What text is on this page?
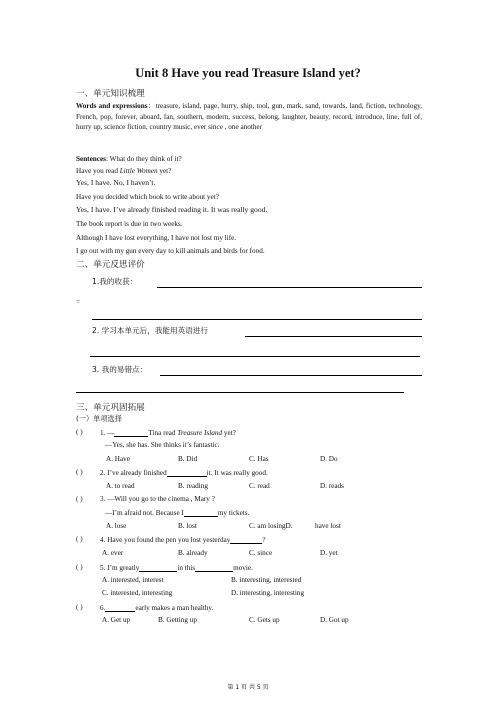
Unit 8 Have you read Treasure Island yet?
一、单元知识梳理
Words and expressions：treasure, island, page, hurry, ship, tool, gun, mark, sand, towards, land, fiction, technology, French, pop, forever, aboard, fan, southern, modern, success, belong, laughter, beauty, record, introduce, line, full of, hurry up, science fiction, country music, ever since , one another
Sentences: What do they think of it?
Have you read Little Women yet?
Yes, I have. No, I haven’t.
Have you decided which book to write about yet?
Yes, I have. I’ve already finished reading it. It was really good.
The book report is due in two weeks.
Although I have lost everything, I have not lost my life.
I go out with my gun every day to kill animals and birds for food.
二、单元反思评价
1.我的收获：
=
2. 学习本单元后，我能用英语进行
3. 我的易错点：
三、单元巩固拓展
(一）单项选择
( ) 1. —	Tina read Treasure Island yet?
—Yes, she has. She thinks it’s fantastic.
A. Have	B. Did	C. Has	D. Do
( ) 2. I’ve already finished	it. It was really good.
A. to read	B. reading	C. read	D. reads
( ) 3. —Will you go to the cinema , Mary ?
—I’m afraid not. Because I	my tickets.
A. lose	B. lost	C. am losingD.	have lost
( ) 4. Have you found the pen you lost yesterday	?
A. ever	B. already	C. since	D. yet
( ) 5. I’m greatly	in this	movie.
A. interested, interest	B. interesting, interested
C. interested, interesting	D. interesting, interesting
( ) 6.	early makes a man healthy.
A. Get up	B. Getting up	C. Gets up	D. Got up
第 1 页 共 5 页
